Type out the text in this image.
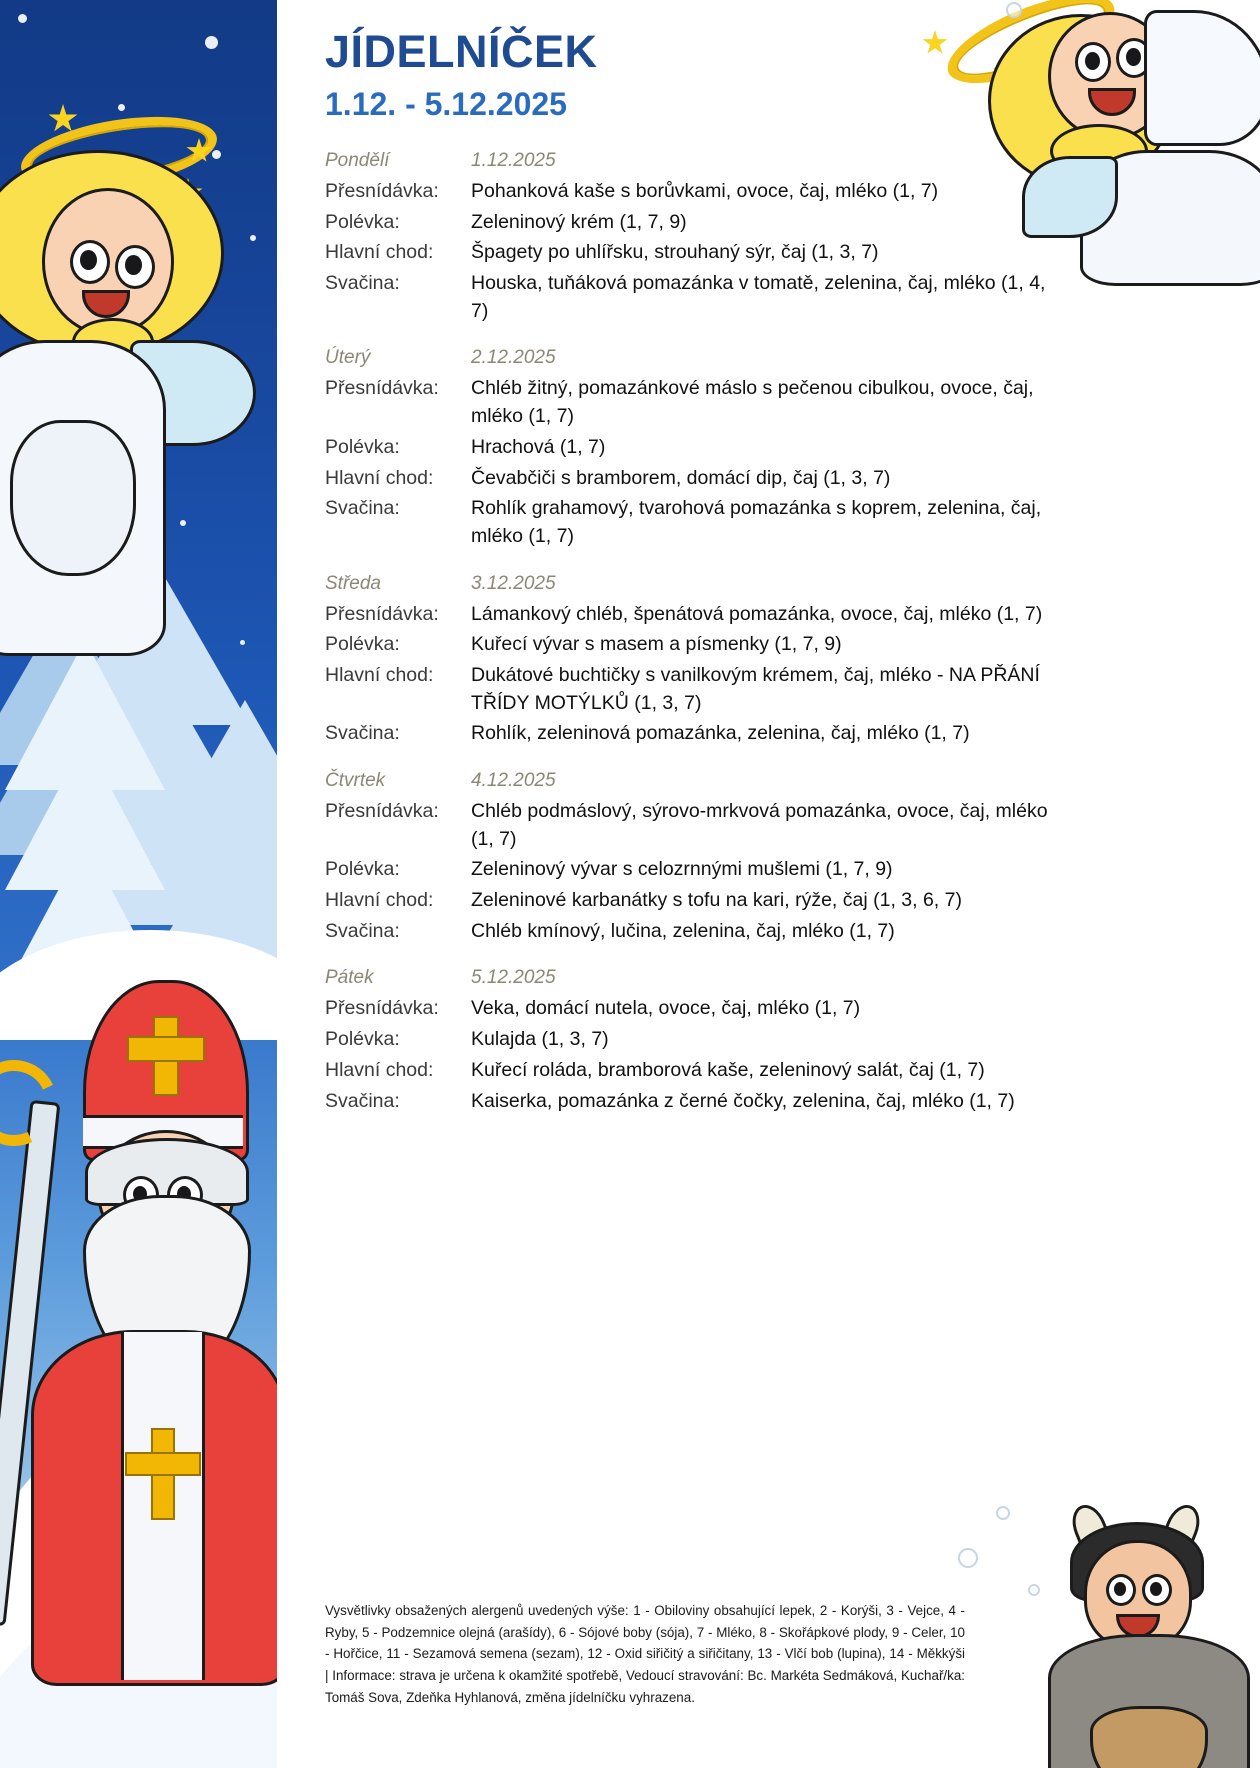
JÍDELNÍČEK
1.12. - 5.12.2025
Pondělí	1.12.2025
Přesnídávka:	Pohanková kaše s borůvkami, ovoce, čaj, mléko (1, 7)
Polévka:	Zeleninový krém (1, 7, 9)
Hlavní chod:	Špagety po uhlířsku, strouhaný sýr, čaj (1, 3, 7)
Svačina:	Houska, tuňáková pomazánka v tomatě, zelenina, čaj, mléko (1, 4, 7)
Úterý	2.12.2025
Přesnídávka:	Chléb žitný, pomazánkové máslo s pečenou cibulkou, ovoce, čaj, mléko (1, 7)
Polévka:	Hrachová (1, 7)
Hlavní chod:	Čevabčiči s bramborem, domácí dip, čaj (1, 3, 7)
Svačina:	Rohlík grahamový, tvarohová pomazánka s koprem, zelenina, čaj, mléko (1, 7)
Středa	3.12.2025
Přesnídávka:	Lámankový chléb, špenátová pomazánka, ovoce, čaj, mléko (1, 7)
Polévka:	Kuřecí vývar s masem a písmenky (1, 7, 9)
Hlavní chod:	Dukátové buchtičky s vanilkovým krémem, čaj, mléko - NA PŘÁNÍ TŘÍDY MOTÝLKŮ (1, 3, 7)
Svačina:	Rohlík, zeleninová pomazánka, zelenina, čaj, mléko (1, 7)
Čtvrtek	4.12.2025
Přesnídávka:	Chléb podmáslový, sýrovo-mrkvová pomazánka, ovoce, čaj, mléko (1, 7)
Polévka:	Zeleninový vývar s celozrnnými mušlemi (1, 7, 9)
Hlavní chod:	Zeleninové karbanátky s tofu na kari, rýže, čaj (1, 3, 6, 7)
Svačina:	Chléb kmínový, lučina, zelenina, čaj, mléko (1, 7)
Pátek	5.12.2025
Přesnídávka:	Veka, domácí nutela, ovoce, čaj, mléko (1, 7)
Polévka:	Kulajda (1, 3, 7)
Hlavní chod:	Kuřecí roláda, bramborová kaše, zeleninový salát, čaj (1, 7)
Svačina:	Kaiserka, pomazánka z černé čočky, zelenina, čaj, mléko (1, 7)
Vysvětlivky obsažených alergenů uvedených výše: 1 - Obiloviny obsahující lepek, 2 - Korýši, 3 - Vejce, 4 - Ryby, 5 - Podzemnice olejná (arašídy), 6 - Sójové boby (sója), 7 - Mléko, 8 - Skořápkové plody, 9 - Celer, 10 - Hořčice, 11 - Sezamová semena (sezam), 12 - Oxid siřičitý a siřičitany, 13 - Vlčí bob (lupina), 14 - Měkkýši | Informace: strava je určena k okamžité spotřebě, Vedoucí stravování: Bc. Markéta Sedmáková, Kuchař/ka: Tomáš Sova, Zdeňka Hyhlanová, změna jídelníčku vyhrazena.
